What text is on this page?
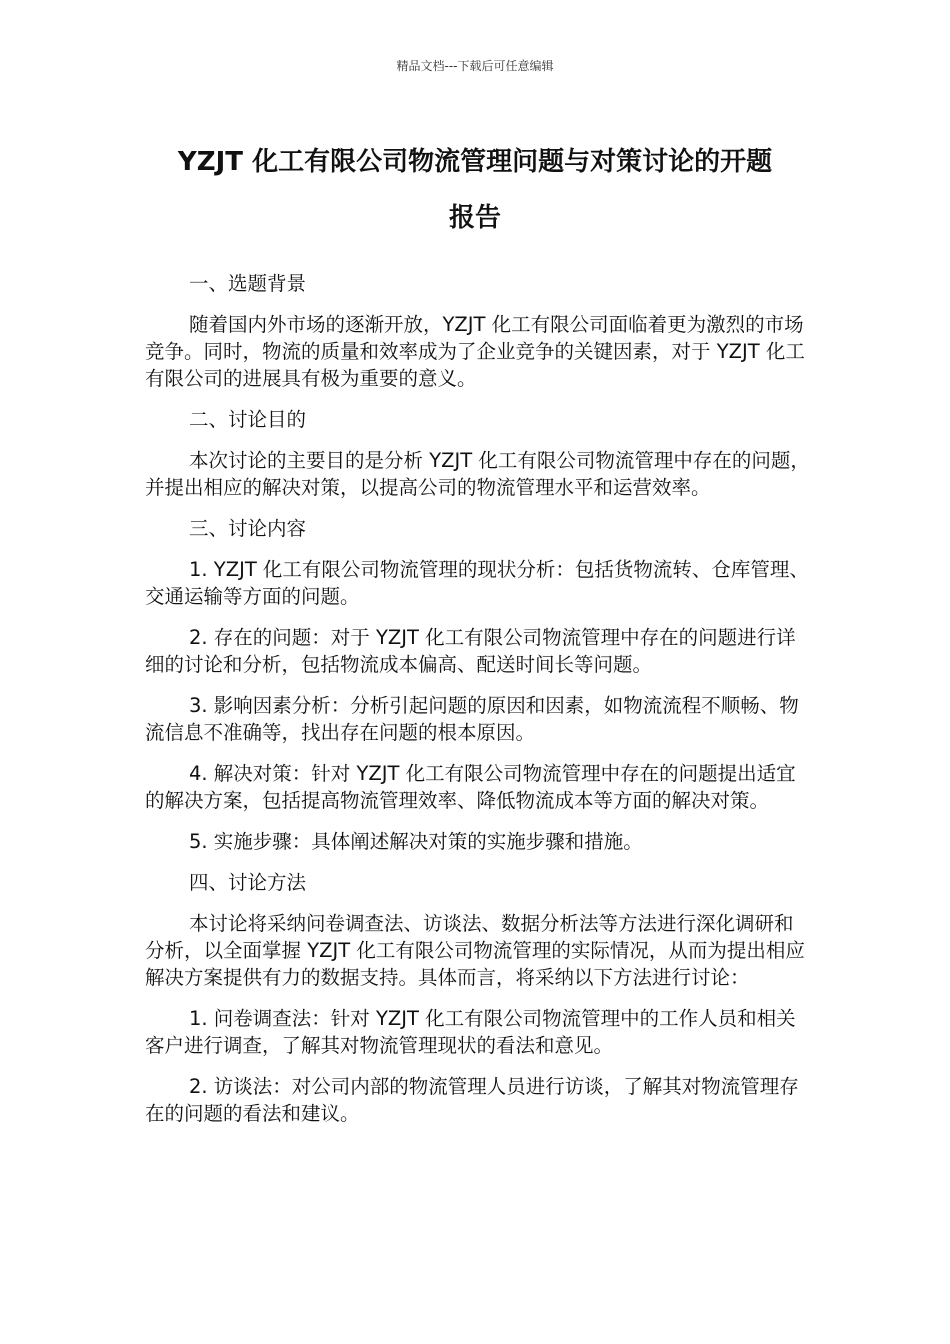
精品文档---下载后可任意编辑
YZJT 化工有限公司物流管理问题与对策讨论的开题
报告

一、选题背景

随着国内外市场的逐渐开放，YZJT 化工有限公司面临着更为激烈的市场竞争。同时，物流的质量和效率成为了企业竞争的关键因素，对于 YZJT 化工有限公司的进展具有极为重要的意义。

二、讨论目的

本次讨论的主要目的是分析 YZJT 化工有限公司物流管理中存在的问题，并提出相应的解决对策，以提高公司的物流管理水平和运营效率。

三、讨论内容

1. YZJT 化工有限公司物流管理的现状分析：包括货物流转、仓库管理、交通运输等方面的问题。

2. 存在的问题：对于 YZJT 化工有限公司物流管理中存在的问题进行详细的讨论和分析，包括物流成本偏高、配送时间长等问题。

3. 影响因素分析：分析引起问题的原因和因素，如物流流程不顺畅、物流信息不准确等，找出存在问题的根本原因。

4. 解决对策：针对 YZJT 化工有限公司物流管理中存在的问题提出适宜的解决方案，包括提高物流管理效率、降低物流成本等方面的解决对策。

5. 实施步骤：具体阐述解决对策的实施步骤和措施。

四、讨论方法

本讨论将采纳问卷调查法、访谈法、数据分析法等方法进行深化调研和分析，以全面掌握 YZJT 化工有限公司物流管理的实际情况，从而为提出相应解决方案提供有力的数据支持。具体而言，将采纳以下方法进行讨论：

1. 问卷调查法：针对 YZJT 化工有限公司物流管理中的工作人员和相关客户进行调查，了解其对物流管理现状的看法和意见。

2. 访谈法：对公司内部的物流管理人员进行访谈，了解其对物流管理存在的问题的看法和建议。
